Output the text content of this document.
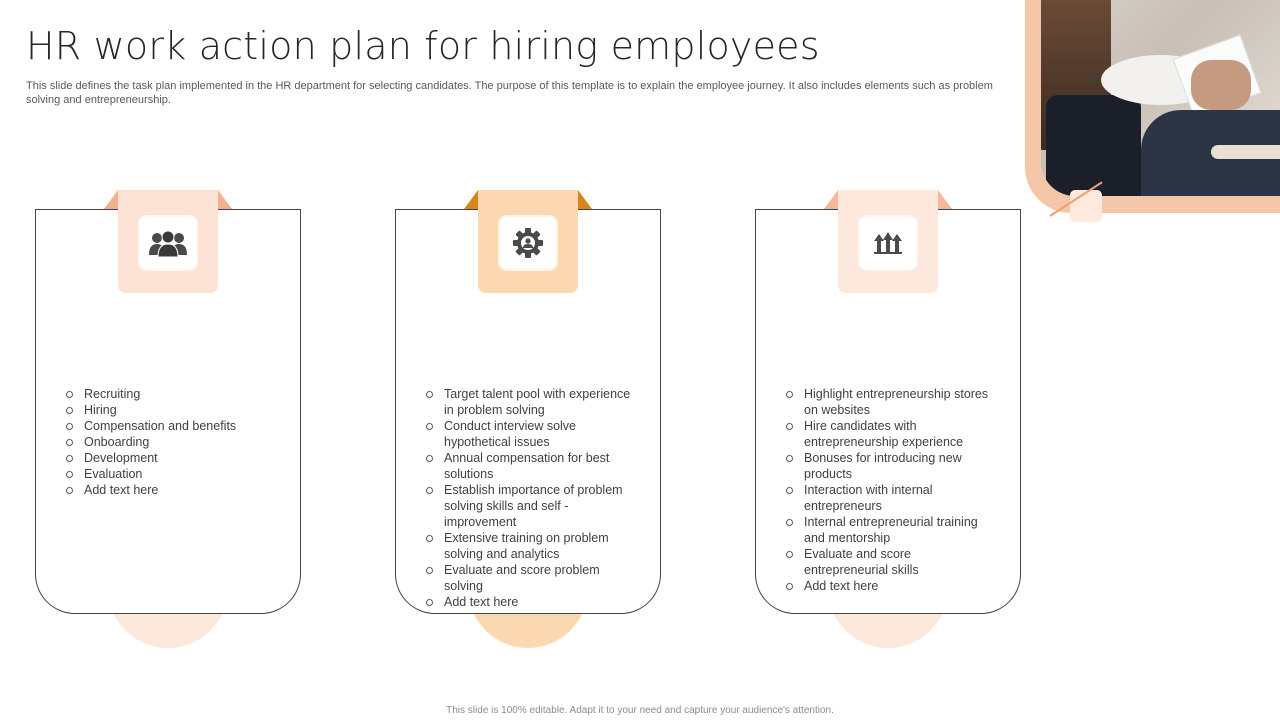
HR work action plan for hiring employees
This slide defines the task plan implemented in the HR department for selecting candidates. The purpose of this template is to explain the employee journey. It also includes elements such as problem solving and entrepreneurship.
Recruiting
Hiring
Compensation and benefits
Onboarding
Development
Evaluation
Add text here
Target talent pool with experience in problem solving
Conduct interview solve hypothetical issues
Annual compensation for best solutions
Establish importance of problem solving skills and self - improvement
Extensive training on problem solving and analytics
Evaluate and score problem solving
Add text here
Highlight entrepreneurship stores on websites
Hire candidates with entrepreneurship experience
Bonuses for introducing new products
Interaction with internal entrepreneurs
Internal entrepreneurial training and mentorship
Evaluate and score entrepreneurial skills
Add text here
This slide is 100% editable. Adapt it to your need and capture your audience's attention.
